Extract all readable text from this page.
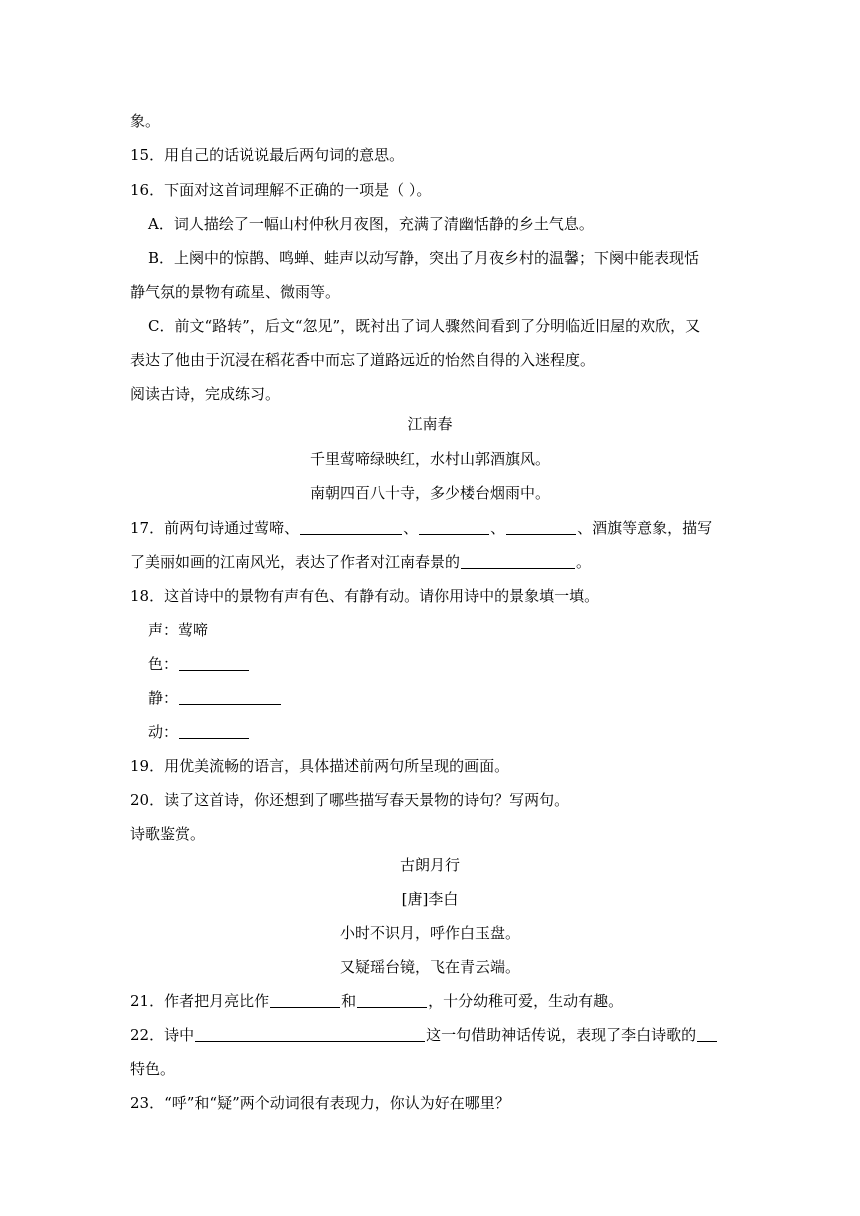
象。
15．用自己的话说说最后两句词的意思。
16．下面对这首词理解不正确的一项是（ ）。
A．词人描绘了一幅山村仲秋月夜图，充满了清幽恬静的乡土气息。
B．上阕中的惊鹊、鸣蝉、蛙声以动写静，突出了月夜乡村的温馨；下阕中能表现恬
静气氛的景物有疏星、微雨等。
C．前文“路转”，后文“忽见”，既衬出了词人骤然间看到了分明临近旧屋的欢欣，又
表达了他由于沉浸在稻花香中而忘了道路远近的怡然自得的入迷程度。
阅读古诗，完成练习。
江南春
千里莺啼绿映红，水村山郭酒旗风。
南朝四百八十寺，多少楼台烟雨中。
17．前两句诗通过莺啼、	、	、	、酒旗等意象，描写
了美丽如画的江南风光，表达了作者对江南春景的	。
18．这首诗中的景物有声有色、有静有动。请你用诗中的景象填一填。
声：莺啼
色：
静：
动：
19．用优美流畅的语言，具体描述前两句所呈现的画面。
20．读了这首诗，你还想到了哪些描写春天景物的诗句？写两句。
诗歌鉴赏。
古朗月行
[唐]李白
小时不识月，呼作白玉盘。
又疑瑶台镜，飞在青云端。
21．作者把月亮比作	和	，十分幼稚可爱，生动有趣。
22．诗中	这一句借助神话传说，表现了李白诗歌的
特色。
23．“呼”和“疑”两个动词很有表现力，你认为好在哪里？
